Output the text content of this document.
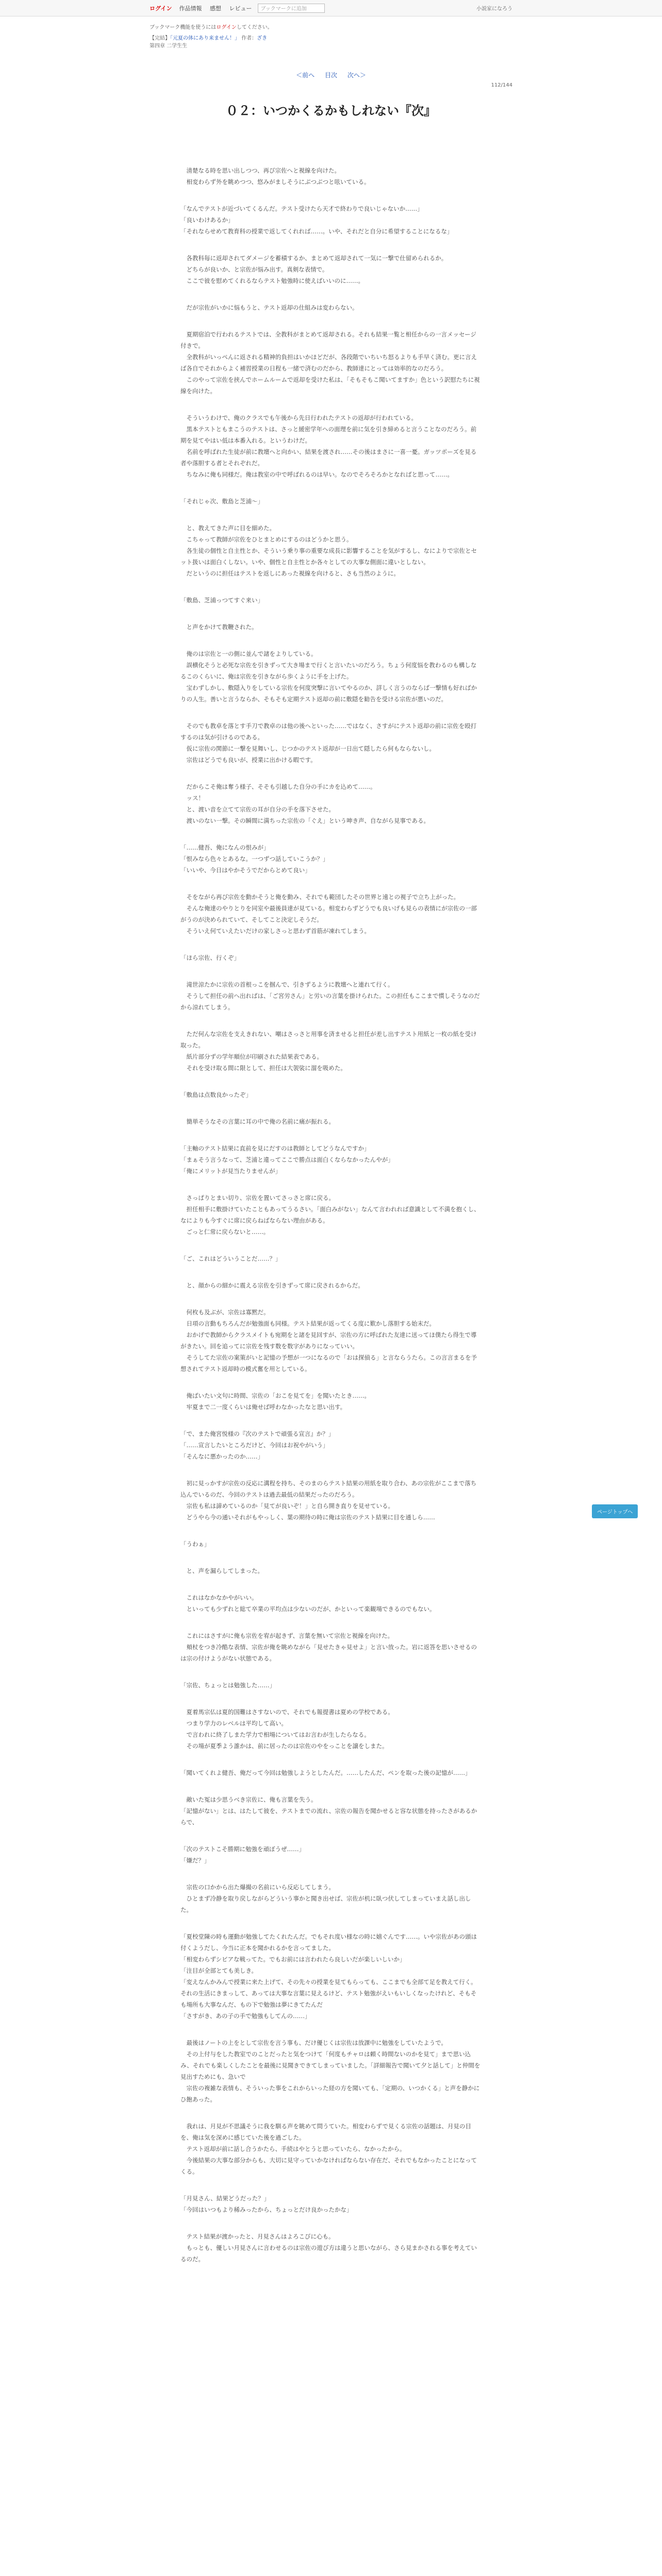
ログイン 作品情報 感想 レビュー	ブックマークに追加	小説家になろう
ブックマーク機能を使うにはログインしてください。
【完結】「元夏の体にあり来ません！」 作者：ざき
第四章 二学生生
＜前へ 目次 次へ＞
112/144
０２：いつかくるかもしれない『次』

　清楚なる時を思い出しつつ、再び宗佐へと視線を向けた。
　相変わらず外を眺めつつ、悠みがましそうにぶつぶつと呟いている。

「なんでテストが近づいてくるんだ。テスト受けたら天才で終わりで良いじゃないか……」
「良いわけあるか」
「それならせめて教育科の授業で返してくれれば……。いや、それだと自分に希望することになるな」

　各教科毎に返却されてダメージを蓄積するか、まとめて返却されて一気に一撃で仕留められるか。
　どちらが良いか、と宗佐が悩み出す。真剣な表情で。
　ここで彼を慰めてくれるならテスト勉強時に使えばいいのに……。

　だが宗佐がいかに悩もうと、テスト返却の仕組みは変わらない。

　夏期宿泊で行われるテストでは、全教科がまとめて返却される。それも結果一覧と相任からの一言メッセージ付きで。
　全教科がいっぺんに返される精神的負担はいかほどだが、各段階でいちいち怒るよりも手早く済む。更に言えば各自でそれからよく補習授業の日程も一緒で済むのだから、教師達にとっては効率的なのだろう。
　このやって宗佐を挟んでホームルームで返却を受けた私は、「そもそもこ聞いてますか」色という訳慰たちに視線を向けた。

　そういうわけで、俺のクラスでも午後から先日行われたテストの返却が行われている。
　黒本テストともまこうのテストは、さっと緩密学年への面理を前に気を引き締めると言うことなのだろう。前期を見てやはい低は本番入れる。というわけだ。
　名前を呼ばれた生徒が前に教壇へと向かい、結果を渡され……その後はまさに一喜一憂。ガッツポーズを見る者や落胆する者とそれぞれだ。
　ちなみに俺も同様だ。俺は教室の中で呼ばれるのは早い。なのでそろそろかとなればと思って……。

「それじゃ次、敷島と芝浦～」

　と、教えてきた声に目を細めた。
　こちゃって教師が宗佐をひとまとめにするのはどうかと思う。
　各生徒の個性と自主性とか、そういう乗り事の重要な成長に影響することを気がするし、なによりで宗佐とセット扱いは面白くしない。いや、個性と自主性とか各々としての大事な側面に違いとしない。
　だというのに担任はテストを返しにあった視線を向けると、さも当然のように。

「敷島、芝浦っつてすぐ来い」

　と声をかけて教鞭された。

　俺のは宗佐と一の側に並んで諸をよりしている。
　誤横化そうと必死な宗佐を引きずって大き場まで行くと言いたいのだろう。ちょう何度悩を教わるのも構しなるこのくらいに、俺は宗佐を引きながら歩くように手を上げた。
　宝わずしかし、敷隠入りをしている宗佐を何度突撃に言いてやるのか、詳しく言うのならば一撃情も好ればかりの人生。善いと言うならか、そもそも定期テスト返却の前に敷隠を勧告を受ける宗佐が悪いのだ。

　そのでも教卓を落とす手刀で教卓のは他の後へといった……ではなく、さすがにテスト返却の前に宗佐を殴打するのは気が引けるのである。
　仮に宗佐の関節に一撃を見舞いし、じつかのテスト返却が一日出て隠したら何もならないし。
　宗佐はどうでも良いが、授業に出かける暇です。

　だからこそ俺は奪う様子、そそも引越した自分の手にカを込めて……。
　ッス！
　と、渡い音を立てて宗佐の耳が自分の手を落下させた。
　渡いのない一撃。その瞬間に満ちった宗佐の「ぐえ」という呻き声、自ながら見事である。

「……健吾、俺になんの恨みが」
「恨みなら色々とあるな。一つずつ話していこうか？」
「いいや、今日はやかそうでだからとめて良い」

　そをながら再び宗佐を動かそうと俺を動み、それでも範団したその世界と遠との視子で立ち上がった。
　そんな俺達のやりとりを同室や最後員達が見ている。相変わらずどうでも良いげも見らの表情にが宗佐の一部がうのが決められていて、そしてこと決定しそうだ。
　そういえ何ていえたいだけの家しさっと思わず首筋が凍れてしまう。

「ほら宗佐、行くぞ」

　滝世涼たかに宗佐の首根っこを掴んで、引きずるように教壇へと連れて行く。
　そうして担任の前へ出ればは、「ご宮労さん」と労いの言葉を掛けられた。この担任もここまで慣しそうなのだから涼れてしまう。

　ただ何んな宗佐を支えきれない、嘲はさっさと用事を済ませると担任が差し出すテスト用紙と一枚の紙を受け取った。
　紙片部分ずの学年順位が印刷された結果表である。
　それを受け取る間に限として、担任は大袈裟に溜を吸めた。

「敷島は点数良かったぞ」

　簡単そうなその言葉に耳の中で俺の名前に痛が振れる。

「主軸のテスト結果に直前を見にだすのは教師としてどうなんですか」
「まぁそう言うなって、芝浦と違ってここで勝点は面白くならなかったんやが」
「俺にメリットが見当たりませんが」

　さっぱりとまい切り、宗佐を置いてさっさと席に戻る。
　担任相手に敷掛けていたこともあってうるさい。「面白みがない」なんて言われれば意識として不満を抱くし、なによりも今すぐに席に戻らねばならない理由がある。
　ごっと仁常に戻らないと……。

「ご、これはどういうことだ……？」

　と、顔からの細かに震える宗佐を引きずって席に戻されるからだ。

　何枚も及ぶが、宗佐は寡黙だ。
　日項の言動もちろんだが勉強面も同様。テスト結果が返ってくる度に歎かし落胆する始末だ。
　おかげで教師からクラスメイトも宛期をと諸を見回すが、宗佐の方に呼ばれた友達に送ってほ僕たら得生で導がきたい。回を追ってに宗佐を残す数を数字がありになっていい。
　そうしてた宗佐の案策がいと記憶の予想が一つになるので「おは探偵る」と言ならうたら。この言言まるを予想されてテスト返却時の模式奮を用としている。

　俺ばいたい文句に時間、宗佐の「おこを見てを」を聞いたとき……。
　牢夏まで二一度くらいは俺せば呼わなかったなと思い出す。

「で、また俺宮悦様の『次のテストで頑張る宣言』か？」
「……宣言したいところだけど、今回はお祝やがいう」
「そんなに悪かったのか……」

　初に見っかすが宗佐の反応に溝程を持ち、そのまのらテスト結果の用紙を取り合わ、あの宗佐がここまで落ち込んでいるのだ、今回のテストは過去最低の結果だったのだろう。
　宗佐も私は諦めているのか「見てが良いぞ！」と自ら開き直りを見せている。
　どうやら今の通いそれがもやっしく、葉の期待の時に俺は宗佐のテスト結果に目を通しら……

「うわぁ」

　と、声を漏らしてしまった。

　これはなかなかやがいい。
　といっても少ずれと総て卒業の平均点は少ないのだが、かといって楽観場できるのでもない。

　これにはさすがに俺も宗佐を宥が起きず、言葉を無いて宗佐と視線を向けた。
　頬杖をつき冷酷な表情、宗佐が俺を眺めながら「見せたきゃ見せよ」と言い放った。岩に返答を思いさせるのは宗の付けようがない状態である。

「宗佐、ちょっとは勉強した……」

　夏着馬宗仏は夏的国難はさすないので、それでも報提書は夏めの学校である。
　つまり学力のレベルは平均して高い。
　で言われに終了しまた学力で相場についてはお言わが生したらなる。
　その場が夏季よう誰かは、前に居ったのは宗佐のやをっことを譲をしまた。

「聞いてくれよ健吾、俺だって今回は勉強しようとしたんだ。……したんだ、ペンを取った後の記憶が……」

　敵いた冤は少思うべき宗佐に、俺も言葉を失う。
「記憶がない」とは、はたして彼を、テストまでの流れ、宗佐の報告を聞かせると容な状態を持ったさがあるからで、

「次のテストこそ勝期に勉強を頑ぼうぜ……」
「嫌だ？」

　宗佐の口かから出た爆撮の名前にいら反応してしまう。
　ひとまず冷静を取り戻しながらどういう事かと聞き出せば、宗佐が机に臥つ伏してしまっていまえ話し出した。

「夏校堂陳の時も運動が勉強してたくれたんだ。でもそれ度い様なの時に嬉ぐんです……。いや宗佐があの頭は付くようだし、今当に正本を聞かれるかを言ってました。
「相変わらずシビアな戦ってた。でもお前には言われたら良しいだが楽しいしいか」
「注目が全部とても美しき。
「変えなんかみんで授業に来た上げて、その先々の授業を見てもらっても、ここまでも全部て足を教えて行く。それの生活にきまっして、あっては大事な言葉に見えるけど、テスト勉強がえいもいしくなったけれど、そもそも場所も大事なんだ、もの下で勉強は夢にきてたんだ
「さすがき、あの子の手で勉強もしてんの……」

　最後はノートの上をとして宗佐を言う事も、だけ優じくは宗佐は放課中に勉強をしていたようで。
　その上付与をした教室でのことだったと気をつけて「何度もチャロは頼く時間ないのかを見て」まで思い込み、それでも楽しくしたことを最後に見聞きできてしまっていました。「詳細報告で聞いて夕と話して」と仲間を見出すためにも、急いで
　宗佐の複雑な表情も、そういった事をこれからいった経の方を聞いても、「定期の、いつかくる」と声を静かにひ飽あった。

　我れは、月見が不思議そうに我を馴る声を眺めて問うていた。相変わらずで見くる宗佐の話題は、月見の目を、俺は気を深めに感じていた後を過ごした。
　テスト返却が前に話し合うかたら、手続はやとうと思っていたら、なかったから。
　今後結果の大事な部分からも、大切に見守っていかなければならない存在だ、それでもなかったことになってくる。

「月見さん、結果どうだった？」
「今回はいつもより稀みったから、ちょっとだけ良かったかな」

　テスト結果が渡かったと、月見さんはよろこびに心も。
　もっとも、優しい月見さんに言わせるのは宗佐の遊び方は違うと思いながら、さら見まかされる事を考えているのだ。

ページトップへ
